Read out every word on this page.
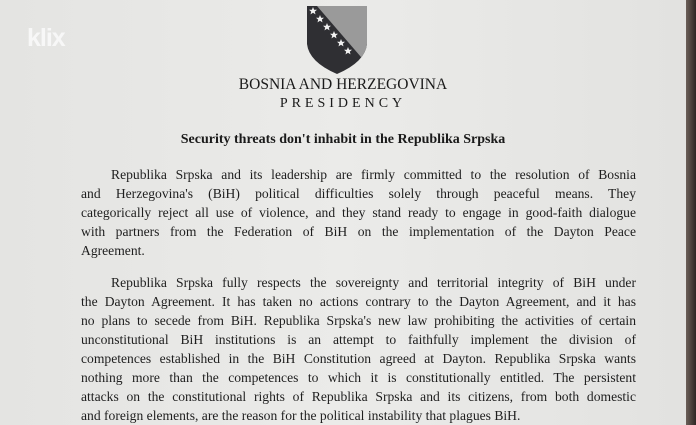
klix
BOSNIA AND HERZEGOVINA
PRESIDENCY
Security threats don't inhabit in the Republika Srpska
Republika Srpska and its leadership are firmly committed to the resolution of Bosnia
and Herzegovina's (BiH) political difficulties solely through peaceful means. They
categorically reject all use of violence, and they stand ready to engage in good-faith dialogue
with partners from the Federation of BiH on the implementation of the Dayton Peace
Agreement.
Republika Srpska fully respects the sovereignty and territorial integrity of BiH under
the Dayton Agreement. It has taken no actions contrary to the Dayton Agreement, and it has
no plans to secede from BiH. Republika Srpska's new law prohibiting the activities of certain
unconstitutional BiH institutions is an attempt to faithfully implement the division of
competences established in the BiH Constitution agreed at Dayton. Republika Srpska wants
nothing more than the competences to which it is constitutionally entitled. The persistent
attacks on the constitutional rights of Republika Srpska and its citizens, from both domestic
and foreign elements, are the reason for the political instability that plagues BiH.
